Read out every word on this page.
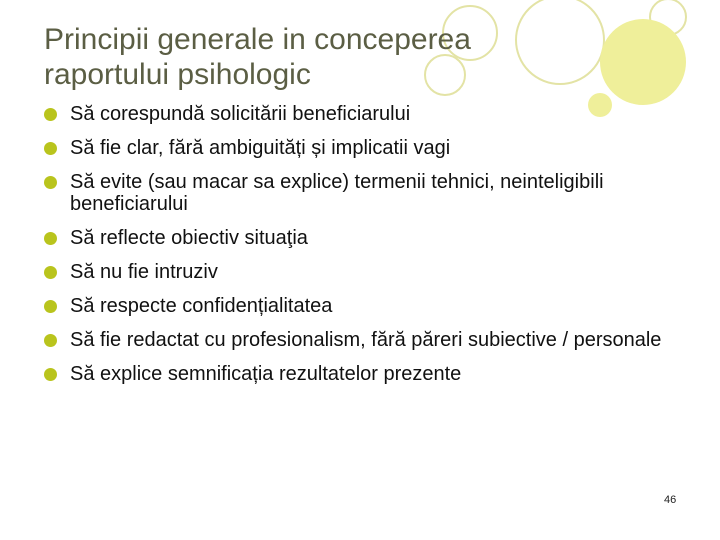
Principii generale in conceperea
raportului psihologic
Să corespundă solicitării beneficiarului
Să fie clar, fără ambiguități și implicatii vagi
Să evite (sau macar sa explice) termenii tehnici, neinteligibili beneficiarului
Să reflecte obiectiv situaţia
Să nu fie intruziv
Să respecte confidențialitatea
Să fie redactat cu profesionalism, fără păreri subiective / personale
Să explice semnificația rezultatelor prezente
46
